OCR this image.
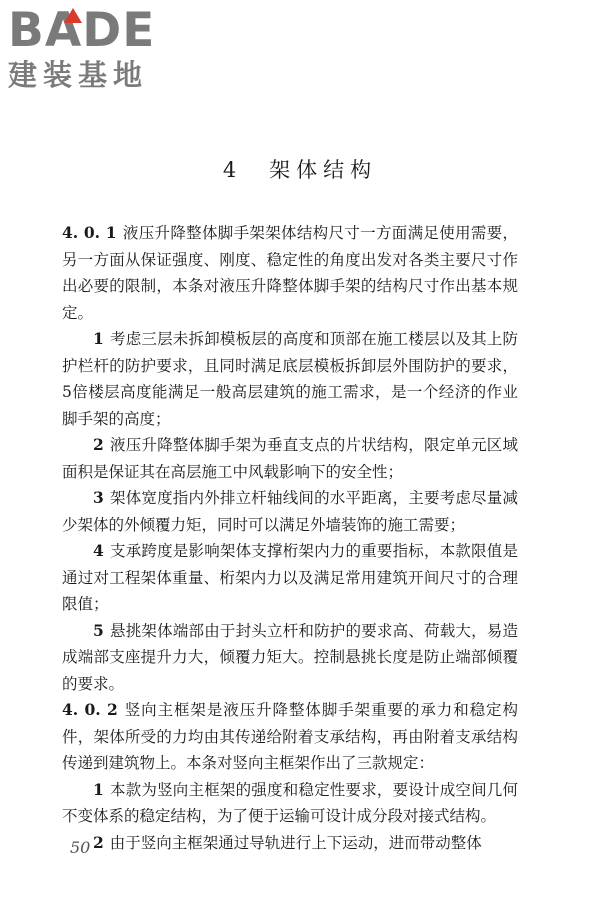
BADE
建装基地
4　架体结构

4. 0. 1 液压升降整体脚手架架体结构尺寸一方面满足使用需要，另一方面从保证强度、刚度、稳定性的角度出发对各类主要尺寸作出必要的限制，本条对液压升降整体脚手架的结构尺寸作出基本规定。

1 考虑三层未拆卸模板层的高度和顶部在施工楼层以及其上防护栏杆的防护要求，且同时满足底层模板拆卸层外围防护的要求，5倍楼层高度能满足一般高层建筑的施工需求，是一个经济的作业脚手架的高度；

2 液压升降整体脚手架为垂直支点的片状结构，限定单元区域面积是保证其在高层施工中风载影响下的安全性；

3 架体宽度指内外排立杆轴线间的水平距离，主要考虑尽量减少架体的外倾覆力矩，同时可以满足外墙装饰的施工需要；

4 支承跨度是影响架体支撑桁架内力的重要指标，本款限值是通过对工程架体重量、桁架内力以及满足常用建筑开间尺寸的合理限值；

5 悬挑架体端部由于封头立杆和防护的要求高、荷载大，易造成端部支座提升力大，倾覆力矩大。控制悬挑长度是防止端部倾覆的要求。

4. 0. 2 竖向主框架是液压升降整体脚手架重要的承力和稳定构件，架体所受的力均由其传递给附着支承结构，再由附着支承结构传递到建筑物上。本条对竖向主框架作出了三款规定：

1 本款为竖向主框架的强度和稳定性要求，要设计成空间几何不变体系的稳定结构，为了便于运输可设计成分段对接式结构。

2 由于竖向主框架通过导轨进行上下运动，进而带动整体

50
